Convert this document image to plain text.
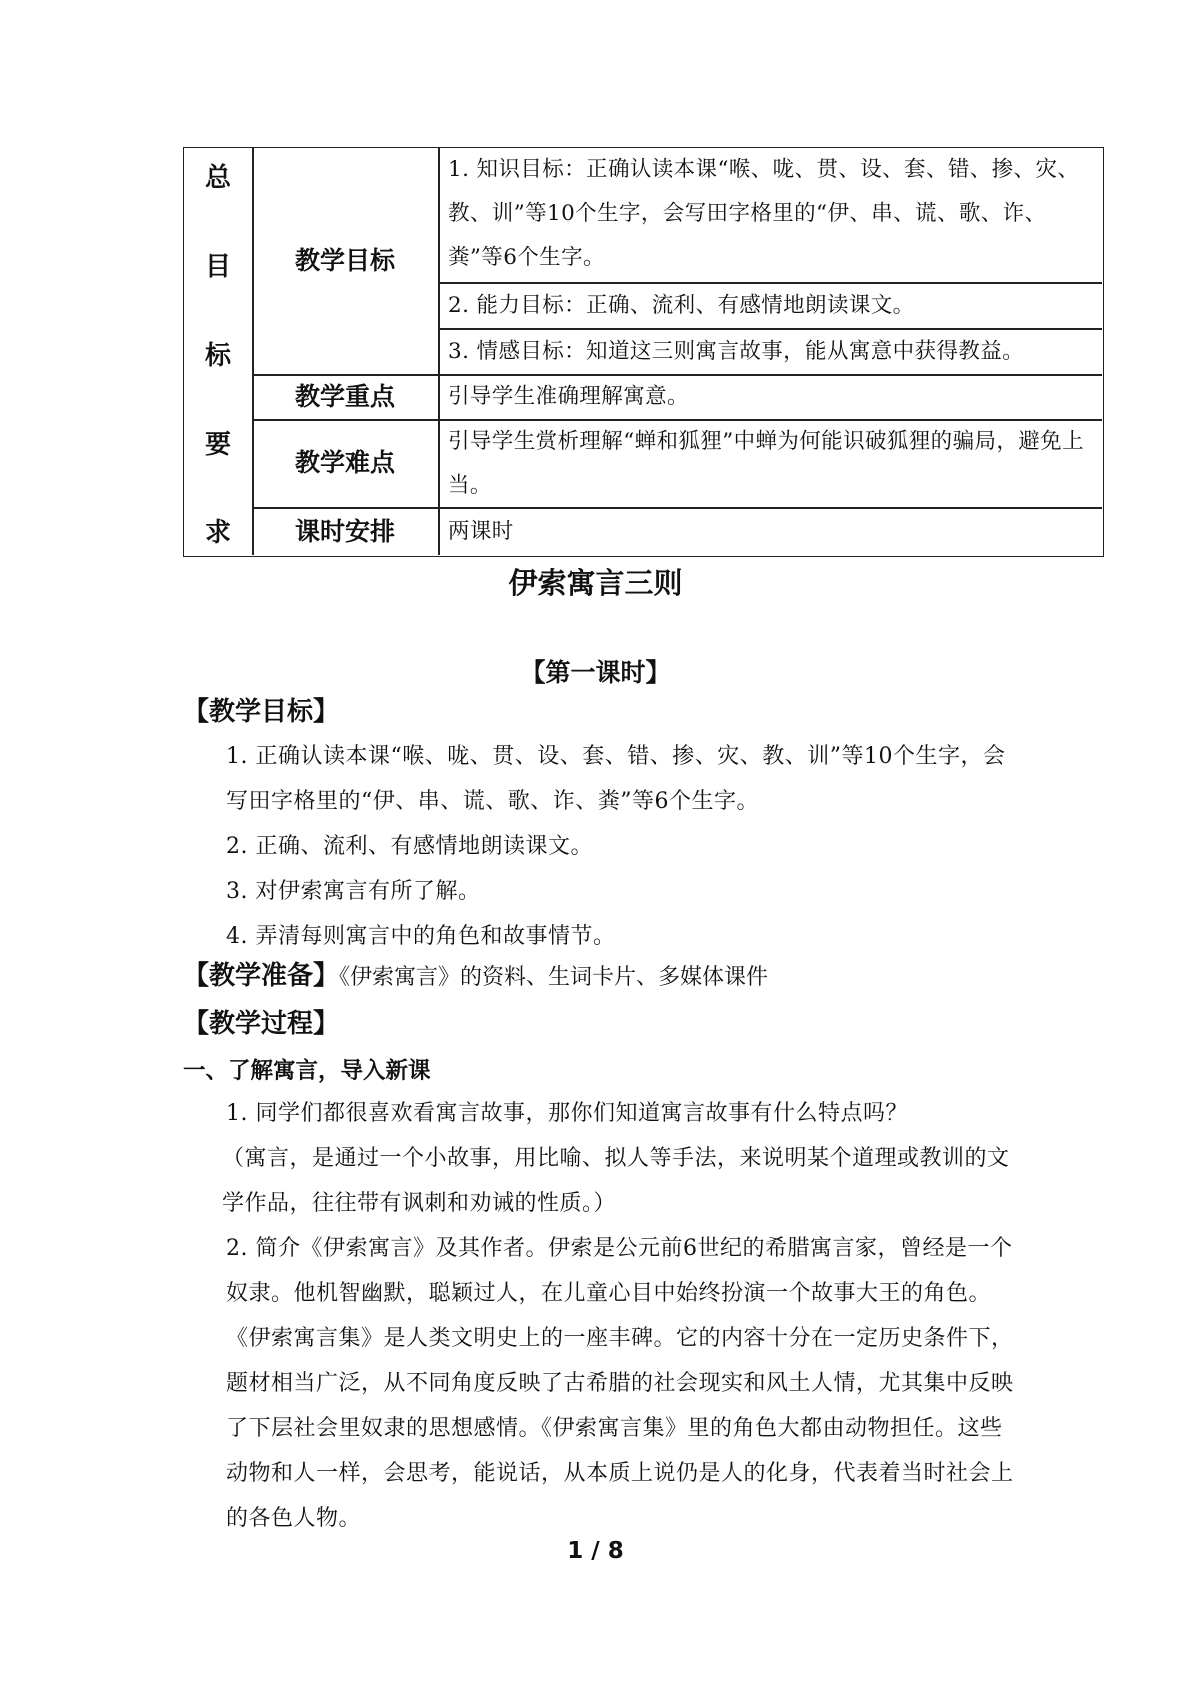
总
目
标
要
求
教学目标
教学重点
教学难点
课时安排
1. 知识目标：正确认读本课“喉、咙、贯、设、套、错、掺、灾、教、训”等10个生字，会写田字格里的“伊、串、谎、歌、诈、粪”等6个生字。
2. 能力目标：正确、流利、有感情地朗读课文。
3. 情感目标：知道这三则寓言故事，能从寓意中获得教益。
引导学生准确理解寓意。
引导学生赏析理解“蝉和狐狸”中蝉为何能识破狐狸的骗局，避免上当。
两课时
伊索寓言三则
【第一课时】
【教学目标】
1. 正确认读本课“喉、咙、贯、设、套、错、掺、灾、教、训”等10个生字，会写田字格里的“伊、串、谎、歌、诈、粪”等6个生字。
2. 正确、流利、有感情地朗读课文。
3. 对伊索寓言有所了解。
4. 弄清每则寓言中的角色和故事情节。
【教学准备】《伊索寓言》的资料、生词卡片、多媒体课件
【教学过程】
一、了解寓言，导入新课
1. 同学们都很喜欢看寓言故事，那你们知道寓言故事有什么特点吗？
（寓言，是通过一个小故事，用比喻、拟人等手法，来说明某个道理或教训的文学作品，往往带有讽刺和劝诫的性质。）
2. 简介《伊索寓言》及其作者。伊索是公元前6世纪的希腊寓言家，曾经是一个奴隶。他机智幽默，聪颖过人，在儿童心目中始终扮演一个故事大王的角色。《伊索寓言集》是人类文明史上的一座丰碑。它的内容十分在一定历史条件下，题材相当广泛，从不同角度反映了古希腊的社会现实和风土人情，尤其集中反映了下层社会里奴隶的思想感情。《伊索寓言集》里的角色大都由动物担任。这些动物和人一样，会思考，能说话，从本质上说仍是人的化身，代表着当时社会上的各色人物。
1 / 8
